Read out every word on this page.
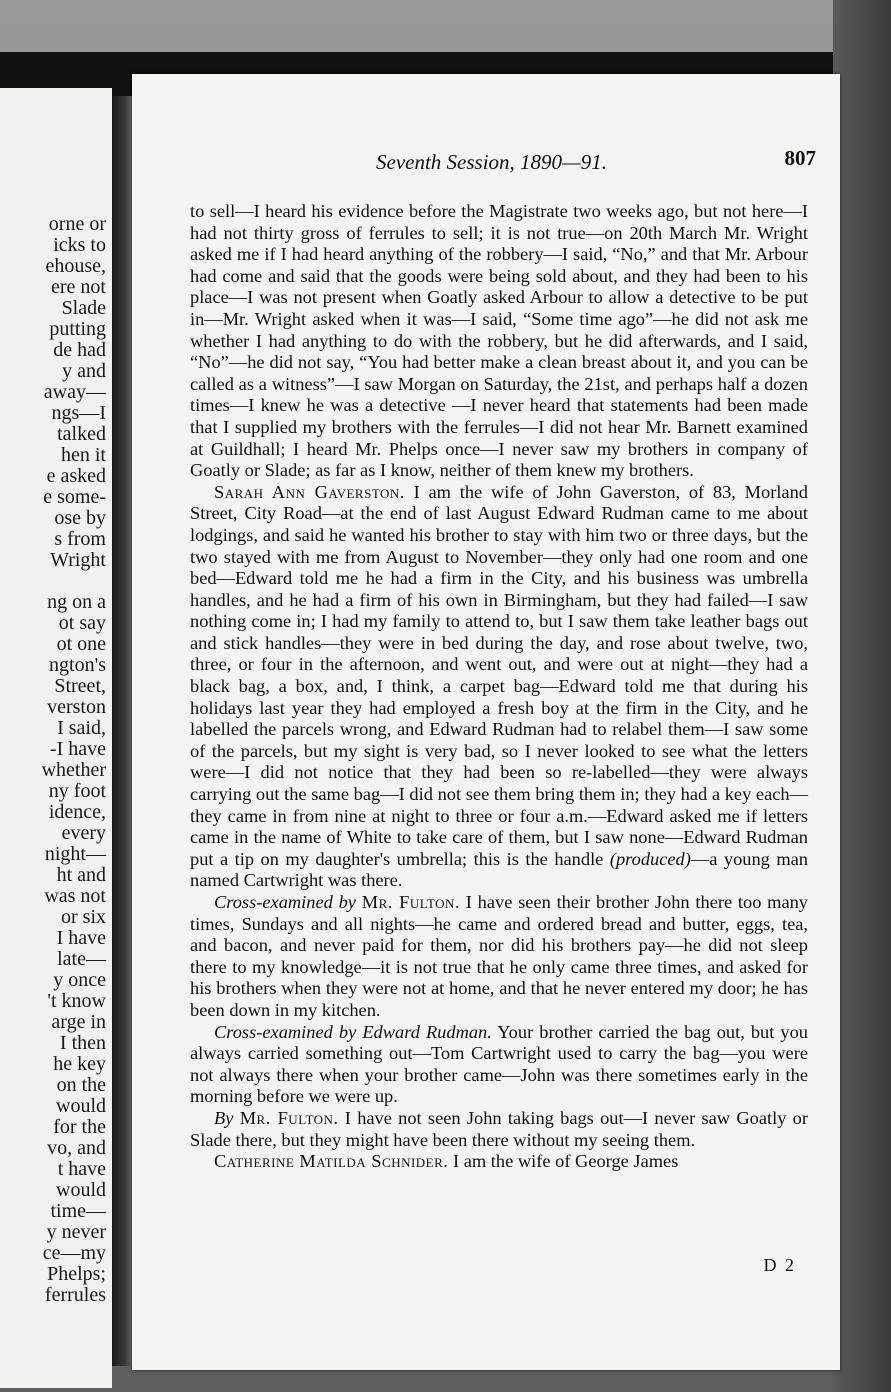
orne or
icks to
ehouse,
ere not
Slade
putting
de had
y and
away—
ngs—I
talked
hen it
e asked
e some-
ose by
s from
Wright

ng on a
ot say
ot one
ngton's
Street,
verston
I said,
-I have
whether
ny foot
idence,
every
night—
ht and
was not
or six
I have
late—
y once
't know
arge in
I then
he key
on the
would
for the
vo, and
t have
would
time—
y never
ce—my
Phelps;
ferrules
Seventh Session, 1890—91.	807

to sell—I heard his evidence before the Magistrate two weeks ago, but not here—I had not thirty gross of ferrules to sell; it is not true—on 20th March Mr. Wright asked me if I had heard anything of the robbery—I said, “No,” and that Mr. Arbour had come and said that the goods were being sold about, and they had been to his place—I was not present when Goatly asked Arbour to allow a detective to be put in—Mr. Wright asked when it was—I said, “Some time ago”—he did not ask me whether I had anything to do with the robbery, but he did afterwards, and I said, “No”—he did not say, “You had better make a clean breast about it, and you can be called as a witness”—I saw Morgan on Saturday, the 21st, and perhaps half a dozen times—I knew he was a detective —I never heard that statements had been made that I supplied my brothers with the ferrules—I did not hear Mr. Barnett examined at Guildhall; I heard Mr. Phelps once—I never saw my brothers in company of Goatly or Slade; as far as I know, neither of them knew my brothers.

Sarah Ann Gaverston. I am the wife of John Gaverston, of 83, Morland Street, City Road—at the end of last August Edward Rudman came to me about lodgings, and said he wanted his brother to stay with him two or three days, but the two stayed with me from August to November—they only had one room and one bed—Edward told me he had a firm in the City, and his business was umbrella handles, and he had a firm of his own in Birmingham, but they had failed—I saw nothing come in; I had my family to attend to, but I saw them take leather bags out and stick handles—they were in bed during the day, and rose about twelve, two, three, or four in the afternoon, and went out, and were out at night—they had a black bag, a box, and, I think, a carpet bag—Edward told me that during his holidays last year they had employed a fresh boy at the firm in the City, and he labelled the parcels wrong, and Edward Rudman had to relabel them—I saw some of the parcels, but my sight is very bad, so I never looked to see what the letters were—I did not notice that they had been so re-labelled—they were always carrying out the same bag—I did not see them bring them in; they had a key each—they came in from nine at night to three or four a.m.—Edward asked me if letters came in the name of White to take care of them, but I saw none—Edward Rudman put a tip on my daughter's umbrella; this is the handle (produced)—a young man named Cartwright was there.

Cross-examined by Mr. Fulton. I have seen their brother John there too many times, Sundays and all nights—he came and ordered bread and butter, eggs, tea, and bacon, and never paid for them, nor did his brothers pay—he did not sleep there to my knowledge—it is not true that he only came three times, and asked for his brothers when they were not at home, and that he never entered my door; he has been down in my kitchen.

Cross-examined by Edward Rudman. Your brother carried the bag out, but you always carried something out—Tom Cartwright used to carry the bag—you were not always there when your brother came—John was there sometimes early in the morning before we were up.

By Mr. Fulton. I have not seen John taking bags out—I never saw Goatly or Slade there, but they might have been there without my seeing them.

Catherine Matilda Schnider. I am the wife of George James

D 2
